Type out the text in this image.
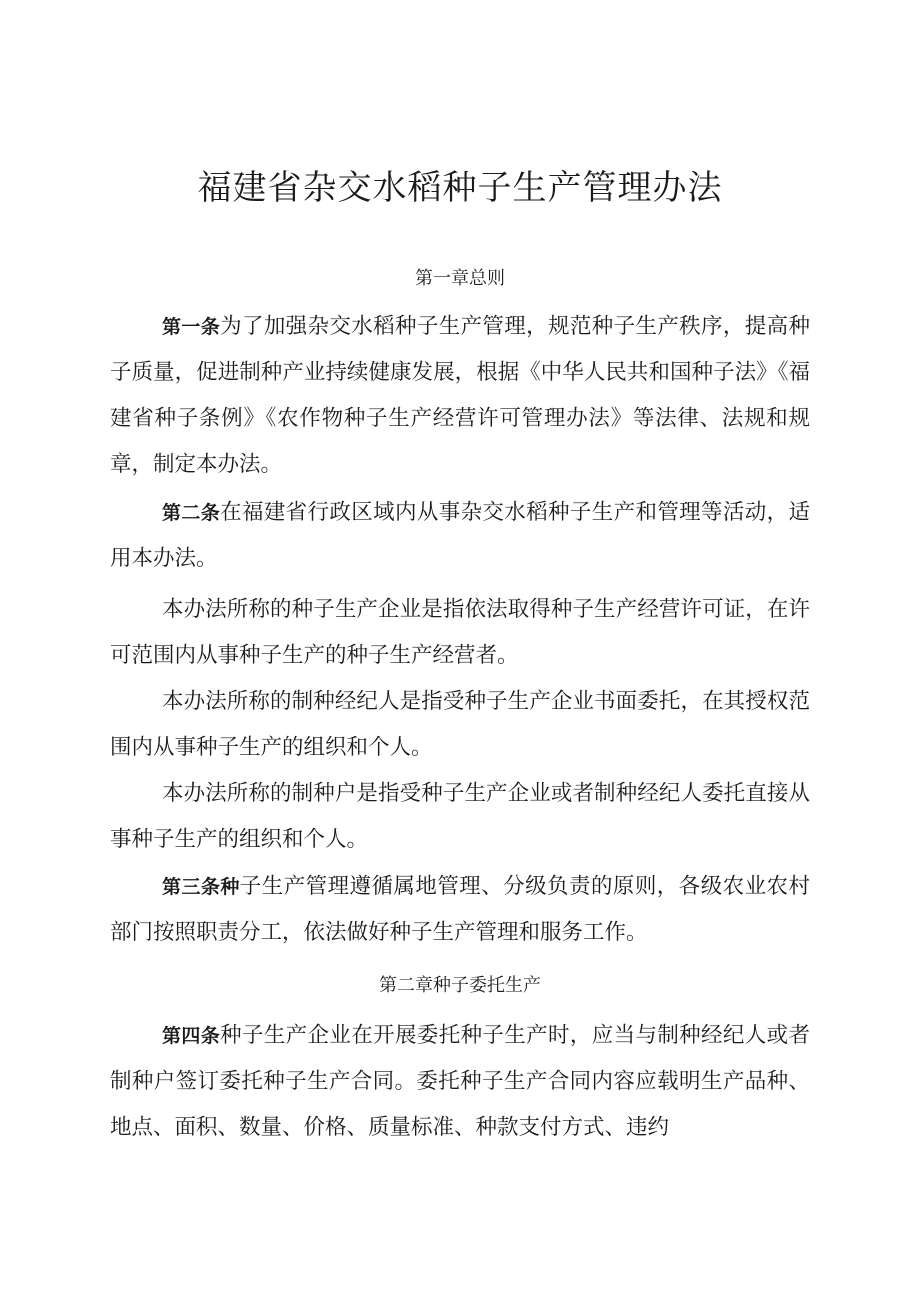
福建省杂交水稻种子生产管理办法
第一章总则

第一条为了加强杂交水稻种子生产管理，规范种子生产秩序，提高种子质量，促进制种产业持续健康发展，根据《中华人民共和国种子法》《福建省种子条例》《农作物种子生产经营许可管理办法》等法律、法规和规章，制定本办法。

第二条在福建省行政区域内从事杂交水稻种子生产和管理等活动，适用本办法。

本办法所称的种子生产企业是指依法取得种子生产经营许可证，在许可范围内从事种子生产的种子生产经营者。

本办法所称的制种经纪人是指受种子生产企业书面委托，在其授权范围内从事种子生产的组织和个人。

本办法所称的制种户是指受种子生产企业或者制种经纪人委托直接从事种子生产的组织和个人。

第三条种子生产管理遵循属地管理、分级负责的原则，各级农业农村部门按照职责分工，依法做好种子生产管理和服务工作。

第二章种子委托生产

第四条种子生产企业在开展委托种子生产时，应当与制种经纪人或者制种户签订委托种子生产合同。委托种子生产合同内容应载明生产品种、地点、面积、数量、价格、质量标准、种款支付方式、违约
